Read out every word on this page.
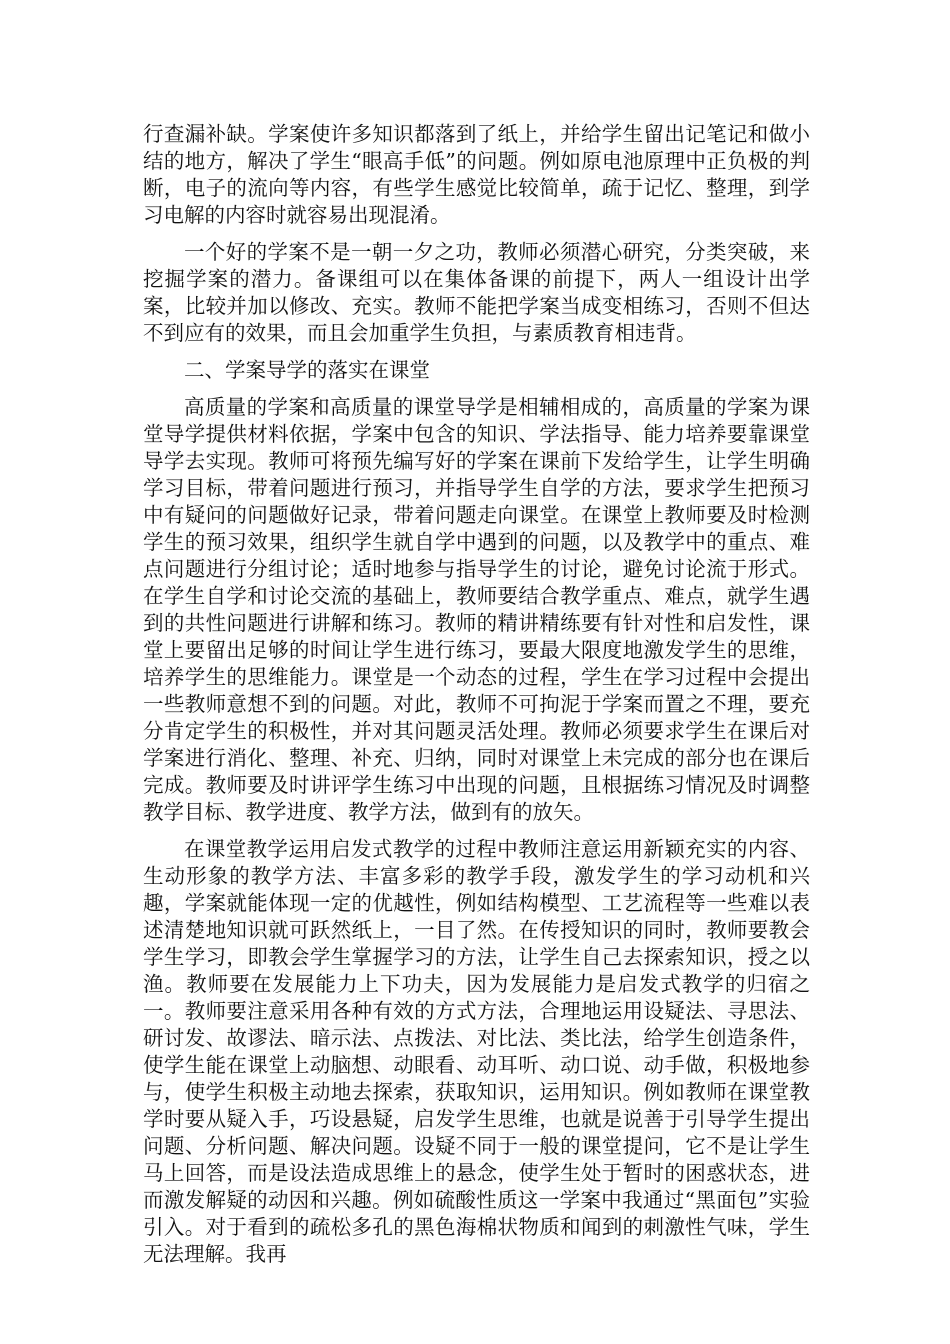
行查漏补缺。学案使许多知识都落到了纸上，并给学生留出记笔记和做小结的地方，解决了学生“眼高手低”的问题。例如原电池原理中正负极的判断，电子的流向等内容，有些学生感觉比较简单，疏于记忆、整理，到学习电解的内容时就容易出现混淆。

一个好的学案不是一朝一夕之功，教师必须潜心研究，分类突破，来挖掘学案的潜力。备课组可以在集体备课的前提下，两人一组设计出学案，比较并加以修改、充实。教师不能把学案当成变相练习，否则不但达不到应有的效果，而且会加重学生负担，与素质教育相违背。

二、学案导学的落实在课堂

高质量的学案和高质量的课堂导学是相辅相成的，高质量的学案为课堂导学提供材料依据，学案中包含的知识、学法指导、能力培养要靠课堂导学去实现。教师可将预先编写好的学案在课前下发给学生，让学生明确学习目标，带着问题进行预习，并指导学生自学的方法，要求学生把预习中有疑问的问题做好记录，带着问题走向课堂。在课堂上教师要及时检测学生的预习效果，组织学生就自学中遇到的问题，以及教学中的重点、难点问题进行分组讨论；适时地参与指导学生的讨论，避免讨论流于形式。在学生自学和讨论交流的基础上，教师要结合教学重点、难点，就学生遇到的共性问题进行讲解和练习。教师的精讲精练要有针对性和启发性，课堂上要留出足够的时间让学生进行练习，要最大限度地激发学生的思维，培养学生的思维能力。课堂是一个动态的过程，学生在学习过程中会提出一些教师意想不到的问题。对此，教师不可拘泥于学案而置之不理，要充分肯定学生的积极性，并对其问题灵活处理。教师必须要求学生在课后对学案进行消化、整理、补充、归纳，同时对课堂上未完成的部分也在课后完成。教师要及时讲评学生练习中出现的问题，且根据练习情况及时调整教学目标、教学进度、教学方法，做到有的放矢。

在课堂教学运用启发式教学的过程中教师注意运用新颖充实的内容、生动形象的教学方法、丰富多彩的教学手段，激发学生的学习动机和兴趣，学案就能体现一定的优越性，例如结构模型、工艺流程等一些难以表述清楚地知识就可跃然纸上，一目了然。在传授知识的同时，教师要教会学生学习，即教会学生掌握学习的方法，让学生自己去探索知识，授之以渔。教师要在发展能力上下功夫，因为发展能力是启发式教学的归宿之一。教师要注意采用各种有效的方式方法，合理地运用设疑法、寻思法、研讨发、故谬法、暗示法、点拨法、对比法、类比法，给学生创造条件，使学生能在课堂上动脑想、动眼看、动耳听、动口说、动手做，积极地参与，使学生积极主动地去探索，获取知识，运用知识。例如教师在课堂教学时要从疑入手，巧设悬疑，启发学生思维，也就是说善于引导学生提出问题、分析问题、解决问题。设疑不同于一般的课堂提问，它不是让学生马上回答，而是设法造成思维上的悬念，使学生处于暂时的困惑状态，进而激发解疑的动因和兴趣。例如硫酸性质这一学案中我通过“黑面包”实验引入。对于看到的疏松多孔的黑色海棉状物质和闻到的刺激性气味，学生无法理解。我再
